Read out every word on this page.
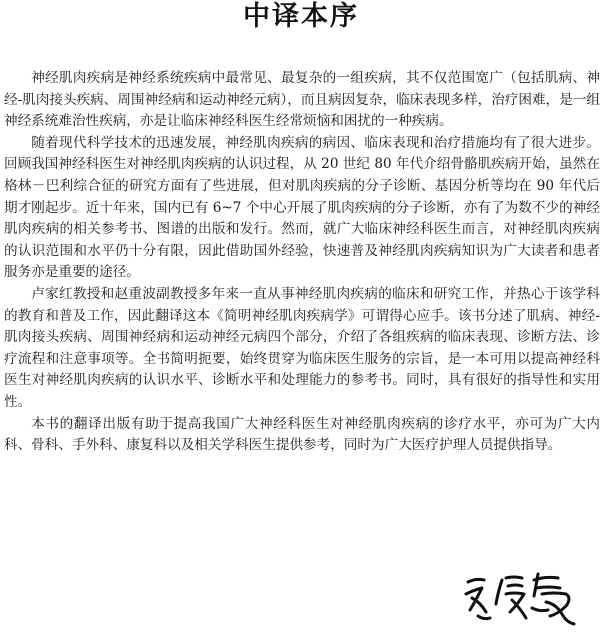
中译本序

神经肌肉疾病是神经系统疾病中最常见、最复杂的一组疾病，其不仅范围宽广（包括肌病、神经-肌肉接头疾病、周围神经病和运动神经元病），而且病因复杂，临床表现多样，治疗困难，是一组神经系统难治性疾病，亦是让临床神经科医生经常烦恼和困扰的一种疾病。

随着现代科学技术的迅速发展，神经肌肉疾病的病因、临床表现和治疗措施均有了很大进步。回顾我国神经科医生对神经肌肉疾病的认识过程，从 20 世纪 80 年代介绍骨骼肌疾病开始，虽然在格林－巴利综合征的研究方面有了些进展，但对肌肉疾病的分子诊断、基因分析等均在 90 年代后期才刚起步。近十年来，国内已有 6~7 个中心开展了肌肉疾病的分子诊断，亦有了为数不少的神经肌肉疾病的相关参考书、图谱的出版和发行。然而，就广大临床神经科医生而言，对神经肌肉疾病的认识范围和水平仍十分有限，因此借助国外经验，快速普及神经肌肉疾病知识为广大读者和患者服务亦是重要的途径。

卢家红教授和赵重波副教授多年来一直从事神经肌肉疾病的临床和研究工作，并热心于该学科的教育和普及工作，因此翻译这本《简明神经肌肉疾病学》可谓得心应手。该书分述了肌病、神经-肌肉接头疾病、周围神经病和运动神经元病四个部分，介绍了各组疾病的临床表现、诊断方法、诊疗流程和注意事项等。全书简明扼要，始终贯穿为临床医生服务的宗旨，是一本可用以提高神经科医生对神经肌肉疾病的认识水平、诊断水平和处理能力的参考书。同时，具有很好的指导性和实用性。

本书的翻译出版有助于提高我国广大神经科医生对神经肌肉疾病的诊疗水平，亦可为广大内科、骨科、手外科、康复科以及相关学科医生提供参考，同时为广大医疗护理人员提供指导。
